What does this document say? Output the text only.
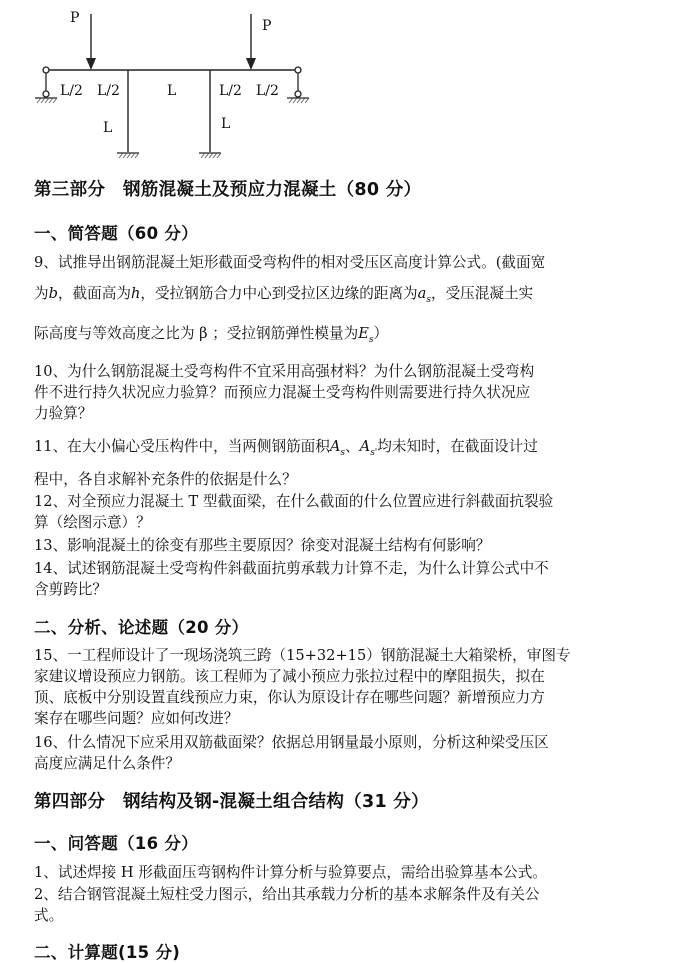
P	P
L/2 L/2	L	L/2 L/2
L	L
第三部分　钢筋混凝土及预应力混凝土（80 分）
一、简答题（60 分）
9、试推导出钢筋混凝土矩形截面受弯构件的相对受压区高度计算公式。(截面宽
为b，截面高为h，受拉钢筋合力中心到受拉区边缘的距离为$a_s$，受压混凝土实
际高度与等效高度之比为 β ；受拉钢筋弹性模量为$E_s$）
10、为什么钢筋混凝土受弯构件不宜采用高强材料？为什么钢筋混凝土受弯构
件不进行持久状况应力验算？而预应力混凝土受弯构件则需要进行持久状况应
力验算？
11、在大小偏心受压构件中，当两侧钢筋面积$A_s$、$A_{s'}$均未知时，在截面设计过
程中，各自求解补充条件的依据是什么？
12、对全预应力混凝土 T 型截面梁，在什么截面的什么位置应进行斜截面抗裂验
算（绘图示意）？
13、影响混凝土的徐变有那些主要原因？徐变对混凝土结构有何影响？
14、试述钢筋混凝土受弯构件斜截面抗剪承载力计算不走，为什么计算公式中不
含剪跨比？
二、分析、论述题（20 分）
15、一工程师设计了一现场浇筑三跨（15+32+15）钢筋混凝土大箱梁桥，审图专
家建议增设预应力钢筋。该工程师为了减小预应力张拉过程中的摩阻损失，拟在
顶、底板中分别设置直线预应力束，你认为原设计存在哪些问题？新增预应力方
案存在哪些问题？应如何改进？
16、什么情况下应采用双筋截面梁？依据总用钢量最小原则，分析这种梁受压区
高度应满足什么条件？
第四部分　钢结构及钢-混凝土组合结构（31 分）
一、问答题（16 分）
1、试述焊接 H 形截面压弯钢构件计算分析与验算要点，需给出验算基本公式。
2、结合钢管混凝土短柱受力图示，给出其承载力分析的基本求解条件及有关公
式。
二、计算题(15 分)
